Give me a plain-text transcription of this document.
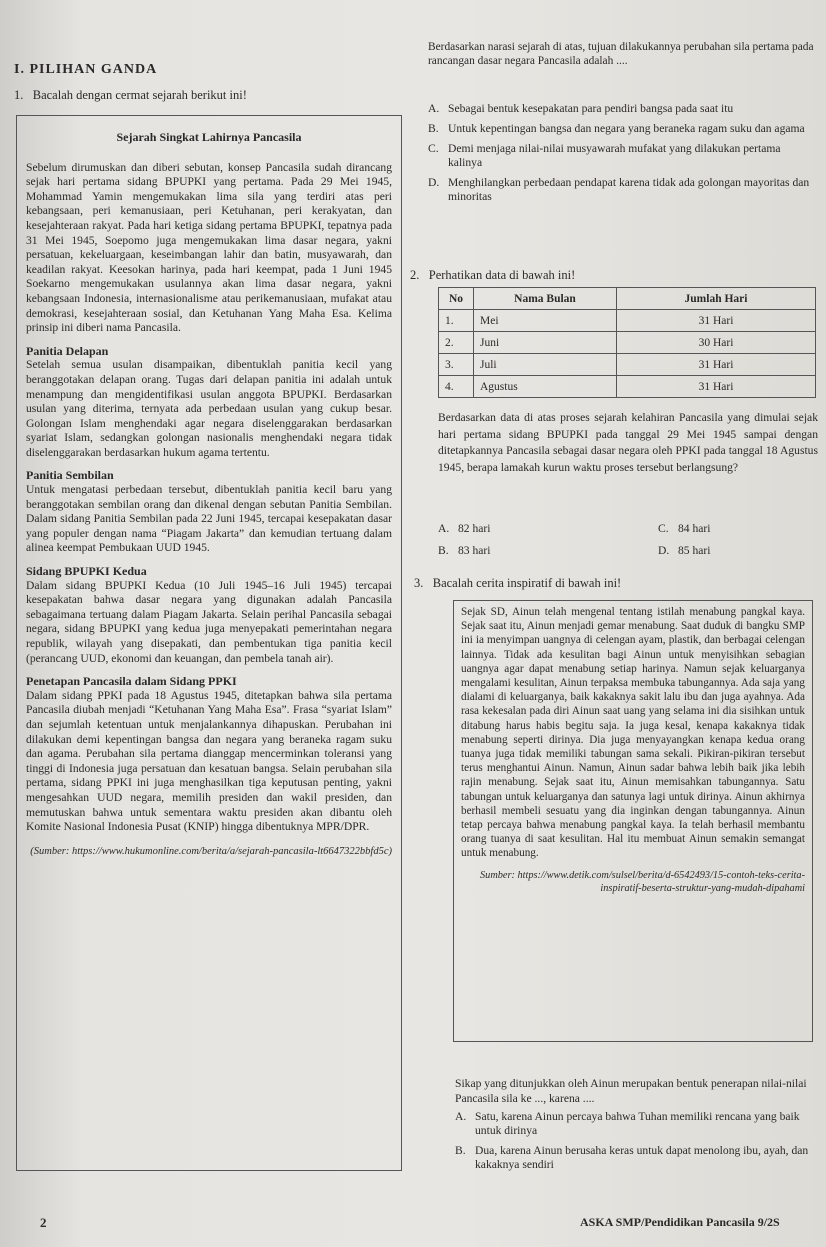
I. PILIHAN GANDA
1. Bacalah dengan cermat sejarah berikut ini!
Sejarah Singkat Lahirnya Pancasila

Sebelum dirumuskan dan diberi sebutan, konsep Pancasila sudah dirancang sejak hari pertama sidang BPUPKI yang pertama. Pada 29 Mei 1945, Mohammad Yamin mengemukakan lima sila yang terdiri atas peri kebangsaan, peri kemanusiaan, peri Ketuhanan, peri kerakyatan, dan kesejahteraan rakyat. Pada hari ketiga sidang pertama BPUPKI, tepatnya pada 31 Mei 1945, Soepomo juga mengemukakan lima dasar negara, yakni persatuan, kekeluargaan, keseimbangan lahir dan batin, musyawarah, dan keadilan rakyat. Keesokan harinya, pada hari keempat, pada 1 Juni 1945 Soekarno mengemukakan usulannya akan lima dasar negara, yakni kebangsaan Indonesia, internasionalisme atau perikemanusiaan, mufakat atau demokrasi, kesejahteraan sosial, dan Ketuhanan Yang Maha Esa. Kelima prinsip ini diberi nama Pancasila.

Panitia Delapan

Setelah semua usulan disampaikan, dibentuklah panitia kecil yang beranggotakan delapan orang. Tugas dari delapan panitia ini adalah untuk menampung dan mengidentifikasi usulan anggota BPUPKI. Berdasarkan usulan yang diterima, ternyata ada perbedaan usulan yang cukup besar. Golongan Islam menghendaki agar negara diselenggarakan berdasarkan syariat Islam, sedangkan golongan nasionalis menghendaki negara tidak diselenggarakan berdasarkan hukum agama tertentu.

Panitia Sembilan

Untuk mengatasi perbedaan tersebut, dibentuklah panitia kecil baru yang beranggotakan sembilan orang dan dikenal dengan sebutan Panitia Sembilan. Dalam sidang Panitia Sembilan pada 22 Juni 1945, tercapai kesepakatan dasar yang populer dengan nama “Piagam Jakarta” dan kemudian tertuang dalam alinea keempat Pembukaan UUD 1945.

Sidang BPUPKI Kedua

Dalam sidang BPUPKI Kedua (10 Juli 1945–16 Juli 1945) tercapai kesepakatan bahwa dasar negara yang digunakan adalah Pancasila sebagaimana tertuang dalam Piagam Jakarta. Selain perihal Pancasila sebagai negara, sidang BPUPKI yang kedua juga menyepakati pemerintahan negara republik, wilayah yang disepakati, dan pembentukan tiga panitia kecil (perancang UUD, ekonomi dan keuangan, dan pembela tanah air).

Penetapan Pancasila dalam Sidang PPKI

Dalam sidang PPKI pada 18 Agustus 1945, ditetapkan bahwa sila pertama Pancasila diubah menjadi “Ketuhanan Yang Maha Esa”. Frasa “syariat Islam” dan sejumlah ketentuan untuk menjalankannya dihapuskan. Perubahan ini dilakukan demi kepentingan bangsa dan negara yang beraneka ragam suku dan agama. Perubahan sila pertama dianggap mencerminkan toleransi yang tinggi di Indonesia juga persatuan dan kesatuan bangsa. Selain perubahan sila pertama, sidang PPKI ini juga menghasilkan tiga keputusan penting, yakni mengesahkan UUD negara, memilih presiden dan wakil presiden, dan memutuskan bahwa untuk sementara waktu presiden akan dibantu oleh Komite Nasional Indonesia Pusat (KNIP) hingga dibentuknya MPR/DPR.

(Sumber: https://www.hukumonline.com/berita/a/sejarah-pancasila-lt6647322bbfd5c)
Berdasarkan narasi sejarah di atas, tujuan dilakukannya perubahan sila pertama pada rancangan dasar negara Pancasila adalah ....
A. Sebagai bentuk kesepakatan para pendiri bangsa pada saat itu
B. Untuk kepentingan bangsa dan negara yang beraneka ragam suku dan agama
C. Demi menjaga nilai-nilai musyawarah mufakat yang dilakukan pertama kalinya
D. Menghilangkan perbedaan pendapat karena tidak ada golongan mayoritas dan minoritas
2. Perhatikan data di bawah ini!
No	Nama Bulan	Jumlah Hari
1.	Mei	31 Hari
2.	Juni	30 Hari
3.	Juli	31 Hari
4.	Agustus	31 Hari
Berdasarkan data di atas proses sejarah kelahiran Pancasila yang dimulai sejak hari pertama sidang BPUPKI pada tanggal 29 Mei 1945 sampai dengan ditetapkannya Pancasila sebagai dasar negara oleh PPKI pada tanggal 18 Agustus 1945, berapa lamakah kurun waktu proses tersebut berlangsung?
A. 82 hari	C. 84 hari
B. 83 hari	D. 85 hari
3. Bacalah cerita inspiratif di bawah ini!
Sejak SD, Ainun telah mengenal tentang istilah menabung pangkal kaya. Sejak saat itu, Ainun menjadi gemar menabung. Saat duduk di bangku SMP ini ia menyimpan uangnya di celengan ayam, plastik, dan berbagai celengan lainnya. Tidak ada kesulitan bagi Ainun untuk menyisihkan sebagian uangnya agar dapat menabung setiap harinya. Namun sejak keluarganya mengalami kesulitan, Ainun terpaksa membuka tabungannya. Ada saja yang dialami di keluarganya, baik kakaknya sakit lalu ibu dan juga ayahnya. Ada rasa kekesalan pada diri Ainun saat uang yang selama ini dia sisihkan untuk ditabung harus habis begitu saja. Ia juga kesal, kenapa kakaknya tidak menabung seperti dirinya. Dia juga menyayangkan kenapa kedua orang tuanya juga tidak memiliki tabungan sama sekali. Pikiran-pikiran tersebut terus menghantui Ainun. Namun, Ainun sadar bahwa lebih baik jika lebih rajin menabung. Sejak saat itu, Ainun memisahkan tabungannya. Satu tabungan untuk keluarganya dan satunya lagi untuk dirinya. Ainun akhirnya berhasil membeli sesuatu yang dia inginkan dengan tabungannya. Ainun tetap percaya bahwa menabung pangkal kaya. Ia telah berhasil membantu orang tuanya di saat kesulitan. Hal itu membuat Ainun semakin semangat untuk menabung.
Sumber: https://www.detik.com/sulsel/berita/d-6542493/15-contoh-teks-cerita-inspiratif-beserta-struktur-yang-mudah-dipahami
Sikap yang ditunjukkan oleh Ainun merupakan bentuk penerapan nilai-nilai Pancasila sila ke ..., karena ....
A. Satu, karena Ainun percaya bahwa Tuhan memiliki rencana yang baik untuk dirinya
B. Dua, karena Ainun berusaha keras untuk dapat menolong ibu, ayah, dan kakaknya sendiri
2	ASKA SMP/Pendidikan Pancasila 9/2S
